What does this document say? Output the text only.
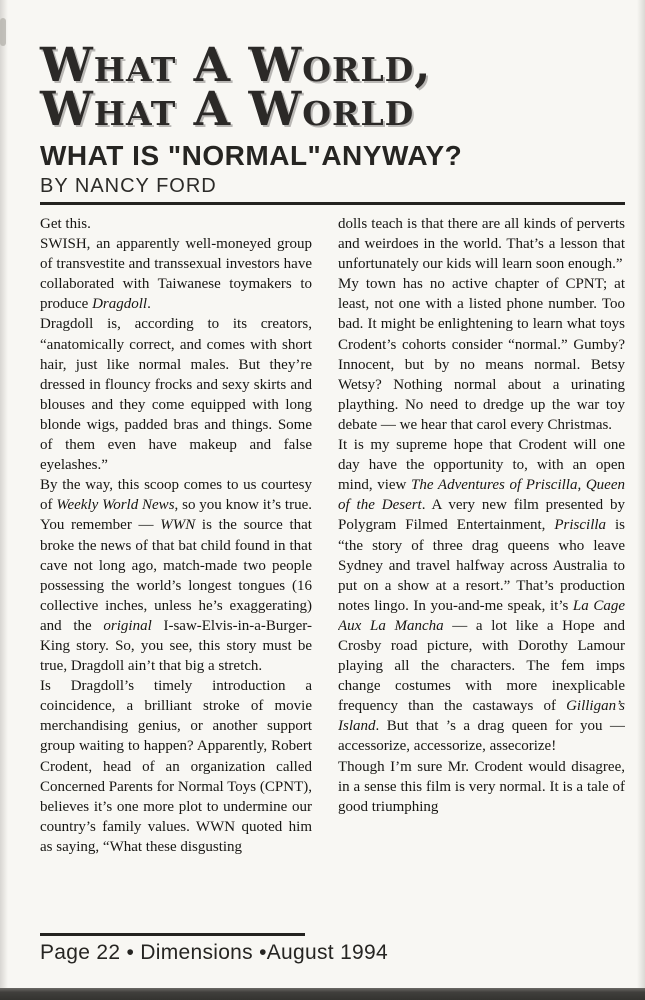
What A World,
What A World
WHAT IS "NORMAL"ANYWAY?
BY NANCY FORD

Get this.

SWISH, an apparently well-moneyed group of transvestite and transsexual investors have collaborated with Taiwanese toymakers to produce Dragdoll.

Dragdoll is, according to its creators, “anatomically correct, and comes with short hair, just like normal males. But they’re dressed in flouncy frocks and sexy skirts and blouses and they come equipped with long blonde wigs, padded bras and things. Some of them even have makeup and false eyelashes.”

By the way, this scoop comes to us courtesy of Weekly World News, so you know it’s true. You remember — WWN is the source that broke the news of that bat child found in that cave not long ago, match-made two people possessing the world’s longest tongues (16 collective inches, unless he’s exaggerating) and the original I-saw-Elvis-in-a-Burger-King story. So, you see, this story must be true, Dragdoll ain’t that big a stretch.

Is Dragdoll’s timely introduction a coincidence, a brilliant stroke of movie merchandising genius, or another support group waiting to happen? Apparently, Robert Crodent, head of an organization called Concerned Parents for Normal Toys (CPNT), believes it’s one more plot to undermine our country’s family values. WWN quoted him as saying, “What these disgusting

dolls teach is that there are all kinds of perverts and weirdoes in the world. That’s a lesson that unfortunately our kids will learn soon enough.”

My town has no active chapter of CPNT; at least, not one with a listed phone number. Too bad. It might be enlightening to learn what toys Crodent’s cohorts consider “normal.” Gumby? Innocent, but by no means normal. Betsy Wetsy? Nothing normal about a urinating plaything. No need to dredge up the war toy debate — we hear that carol every Christmas.

It is my supreme hope that Crodent will one day have the opportunity to, with an open mind, view The Adventures of Priscilla, Queen of the Desert. A very new film presented by Polygram Filmed Entertainment, Priscilla is “the story of three drag queens who leave Sydney and travel halfway across Australia to put on a show at a resort.” That’s production notes lingo. In you-and-me speak, it’s La Cage Aux La Mancha — a lot like a Hope and Crosby road picture, with Dorothy Lamour playing all the characters. The fem imps change costumes with more inexplicable frequency than the castaways of Gilligan’s Island. But that ’s a drag queen for you — accessorize, accessorize, assecorize!

Though I’m sure Mr. Crodent would disagree, in a sense this film is very normal. It is a tale of good triumphing

Page 22 • Dimensions •August 1994
